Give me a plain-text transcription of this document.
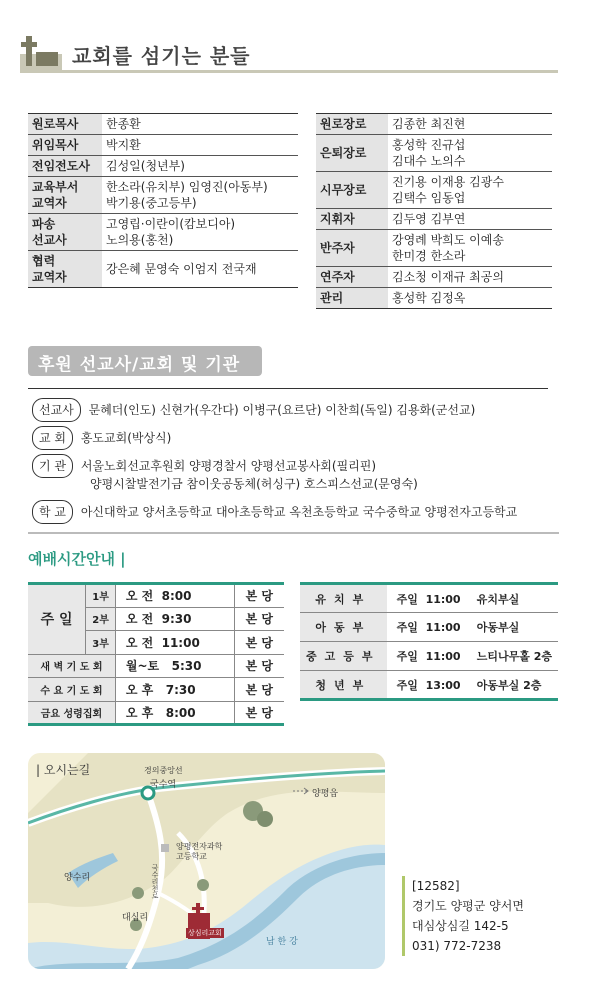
교회를 섬기는 분들
원로목사	한종환
위임목사	박지환
전임전도사	김성일(청년부)
교육부서
교역자	한소라(유치부) 임영진(아동부)
박기용(중고등부)
파송
선교사	고영립·이란이(캄보디아)
노의용(홍천)
협력
교역자	강은혜 문영숙 이엄지 전국재
원로장로	김종한 최진현
은퇴장로	홍성학 진규섭
김대수 노의수
시무장로	진기용 이재용 김광수
김택수 임동업
지휘자	김두영 김부연
반주자	강영례 박희도 이예송
한미경 한소라
연주자	김소청 이재규 최공의
관리	홍성학 김정옥
후원 선교사/교회 및 기관
선교사 문혜더(인도) 신현가(우간다) 이병구(요르단) 이찬희(독일) 김용화(군선교)
교 회 홍도교회(박상식)
기 관 서울노회선교후원회 양평경찰서 양평선교봉사회(필리핀)
양평시찰발전기금 참이웃공동체(허싱구) 호스피스선교(문영숙)
학 교 아신대학교 양서초등학교 대아초등학교 옥천초등학교 국수중학교 양평전자고등학교
예배시간안내 |
주 일	1부	오 전  8:00	본 당
	2부	오 전  9:30	본 당
	3부	오 전  11:00	본 당
새 벽 기 도 회		월~토   5:30	본 당
수 요 기 도 회		오 후   7:30	본 당
금요 성령집회		오 후   8:00	본 당
유치부	주일  11:00	유치부실
아동부	주일  11:00	아동부실
중고등부	주일  11:00	느티나무홀 2층
청년부	주일  13:00	아동부실 2층
| 오시는길	경의중앙선
국수역
양평읍
양평전자과학
고등학교
국수리천로
양수리
대심리
상심리교회
남 한 강
[12582]
경기도 양평군 양서면
대심상심길 142-5
031) 772-7238
